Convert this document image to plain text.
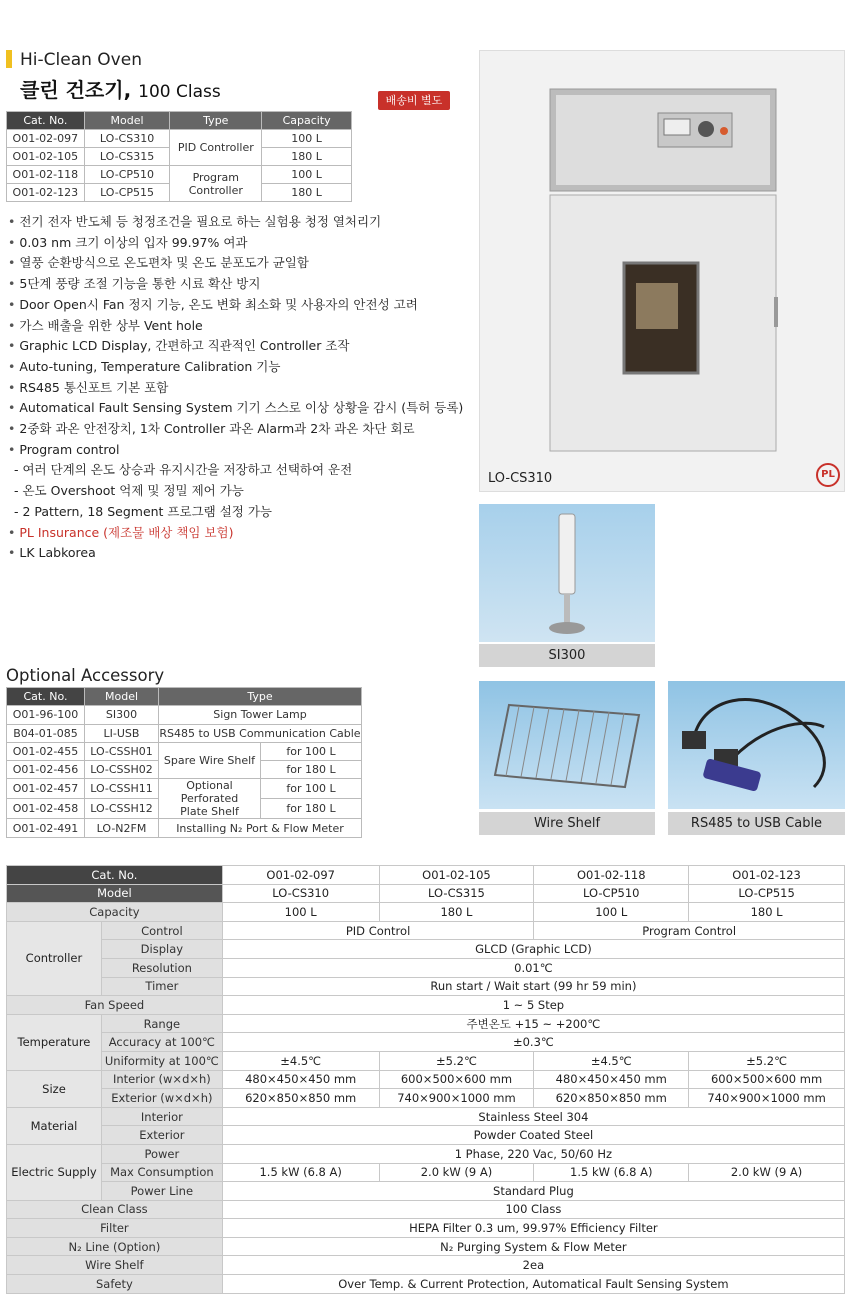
Hi-Clean Oven
클린 건조기, 100 Class	배송비 별도
Cat. No.	Model	Type	Capacity
O01-02-097	LO-CS310	PID Controller	100 L
O01-02-105	LO-CS315		180 L
O01-02-118	LO-CP510	Program
Controller	100 L
O01-02-123	LO-CP515		180 L
• 전기 전자 반도체 등 청정조건을 필요로 하는 실험용 청정 열처리기
• 0.03 nm 크기 이상의 입자 99.97% 여과
• 열풍 순환방식으로 온도편차 및 온도 분포도가 균일함
• 5단계 풍량 조절 기능을 통한 시료 확산 방지
• Door Open시 Fan 정지 기능, 온도 변화 최소화 및 사용자의 안전성 고려
• 가스 배출을 위한 상부 Vent hole
• Graphic LCD Display, 간편하고 직관적인 Controller 조작
• Auto-tuning, Temperature Calibration 기능
• RS485 통신포트 기본 포함
• Automatical Fault Sensing System 기기 스스로 이상 상황을 감시 (특허 등록)
• 2중화 과온 안전장치, 1차 Controller 과온 Alarm과 2차 과온 차단 회로
• Program control
- 여러 단계의 온도 상승과 유지시간을 저장하고 선택하여 운전
- 온도 Overshoot 억제 및 정밀 제어 가능
- 2 Pattern, 18 Segment 프로그램 설정 가능
• PL Insurance (제조물 배상 책임 보험)
• LK Labkorea
LO-CS310	PL
SI300
Wire Shelf	RS485 to USB Cable
Optional Accessory
Cat. No.	Model	Type	
O01-96-100	SI300	Sign Tower Lamp	
B04-01-085	LI-USB	RS485 to USB Communication Cable	
O01-02-455	LO-CSSH01	Spare Wire Shelf	for 100 L
O01-02-456	LO-CSSH02		for 180 L
O01-02-457	LO-CSSH11	Optional Perforated
Plate Shelf	for 100 L
O01-02-458	LO-CSSH12		for 180 L
O01-02-491	LO-N2FM	Installing N₂ Port & Flow Meter	
Cat. No.		O01-02-097	O01-02-105	O01-02-118	O01-02-123
Model		LO-CS310	LO-CS315	LO-CP510	LO-CP515
Capacity		100 L	180 L	100 L	180 L
Controller	Control	PID Control		Program Control	
	Display	GLCD (Graphic LCD)			
	Resolution	0.01℃			
	Timer	Run start / Wait start (99 hr 59 min)			
Fan Speed		1 ~ 5 Step			
Temperature	Range	주변온도 +15 ~ +200℃			
	Accuracy at 100℃	±0.3℃			
	Uniformity at 100℃	±4.5℃	±5.2℃	±4.5℃	±5.2℃
Size	Interior (w×d×h)	480×450×450 mm	600×500×600 mm	480×450×450 mm	600×500×600 mm
	Exterior (w×d×h)	620×850×850 mm	740×900×1000 mm	620×850×850 mm	740×900×1000 mm
Material	Interior	Stainless Steel 304			
	Exterior	Powder Coated Steel			
Electric Supply	Power	1 Phase, 220 Vac, 50/60 Hz			
	Max Consumption	1.5 kW (6.8 A)	2.0 kW (9 A)	1.5 kW (6.8 A)	2.0 kW (9 A)
	Power Line	Standard Plug			
Clean Class		100 Class			
Filter		HEPA Filter 0.3 um, 99.97% Efficiency Filter			
N₂ Line (Option)		N₂ Purging System & Flow Meter			
Wire Shelf		2ea			
Safety		Over Temp. & Current Protection, Automatical Fault Sensing System			
